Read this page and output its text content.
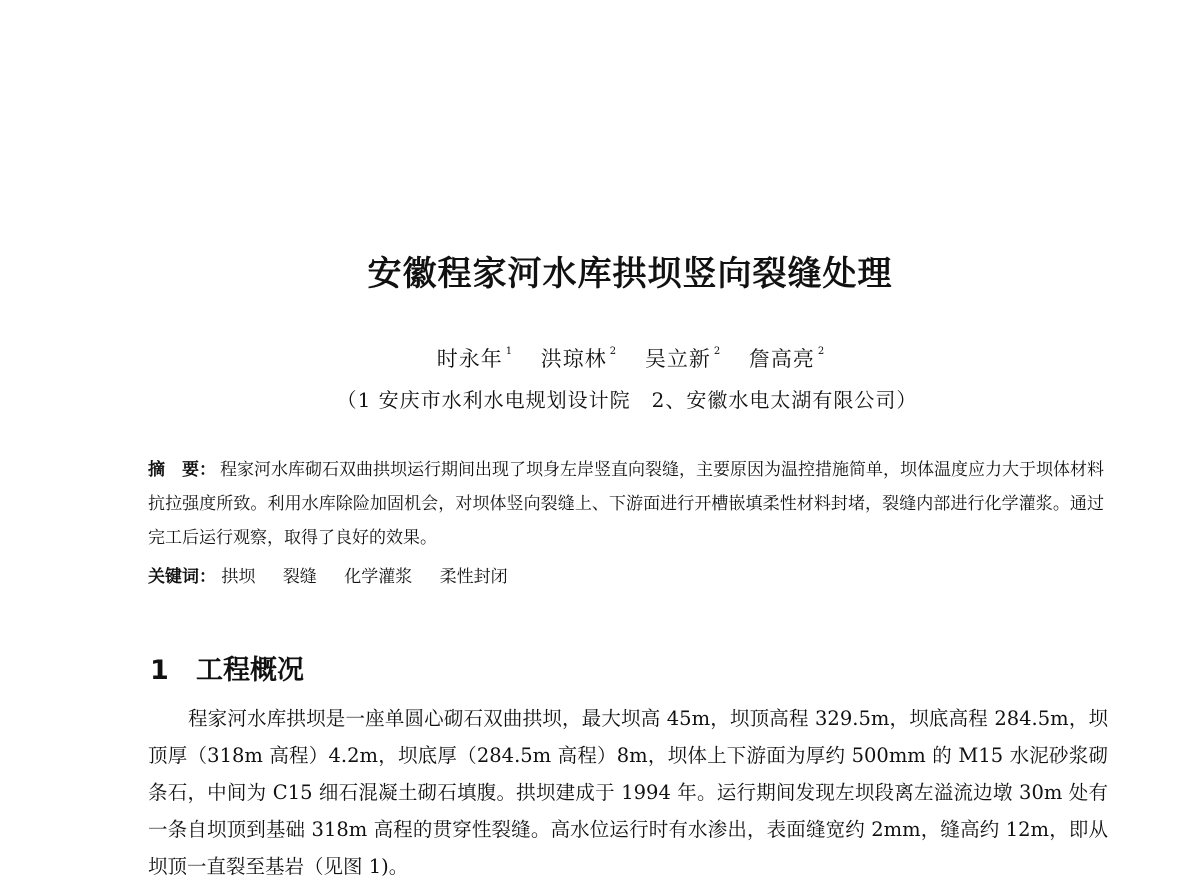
安徽程家河水库拱坝竖向裂缝处理
时永年 $^1$ 洪琼林 $^2$ 吴立新 $^2$ 詹高亮 $^2$
（1 安庆市水利水电规划设计院　2、安徽水电太湖有限公司）

摘　要： 程家河水库砌石双曲拱坝运行期间出现了坝身左岸竖直向裂缝，主要原因为温控措施简单，坝体温度应力大于坝体材料抗拉强度所致。利用水库除险加固机会，对坝体竖向裂缝上、下游面进行开槽嵌填柔性材料封堵，裂缝内部进行化学灌浆。通过完工后运行观察，取得了良好的效果。

关键词： 拱坝 裂缝 化学灌浆 柔性封闭
1 工程概况

程家河水库拱坝是一座单圆心砌石双曲拱坝，最大坝高 45m，坝顶高程 329.5m，坝底高程 284.5m，坝顶厚（318m 高程）4.2m，坝底厚（284.5m 高程）8m，坝体上下游面为厚约 500mm 的 M15 水泥砂浆砌条石，中间为 C15 细石混凝土砌石填腹。拱坝建成于 1994 年。运行期间发现左坝段离左溢流边墩 30m 处有一条自坝顶到基础 318m 高程的贯穿性裂缝。高水位运行时有水渗出，表面缝宽约 2mm，缝高约 12m，即从坝顶一直裂至基岩（见图 1)。
